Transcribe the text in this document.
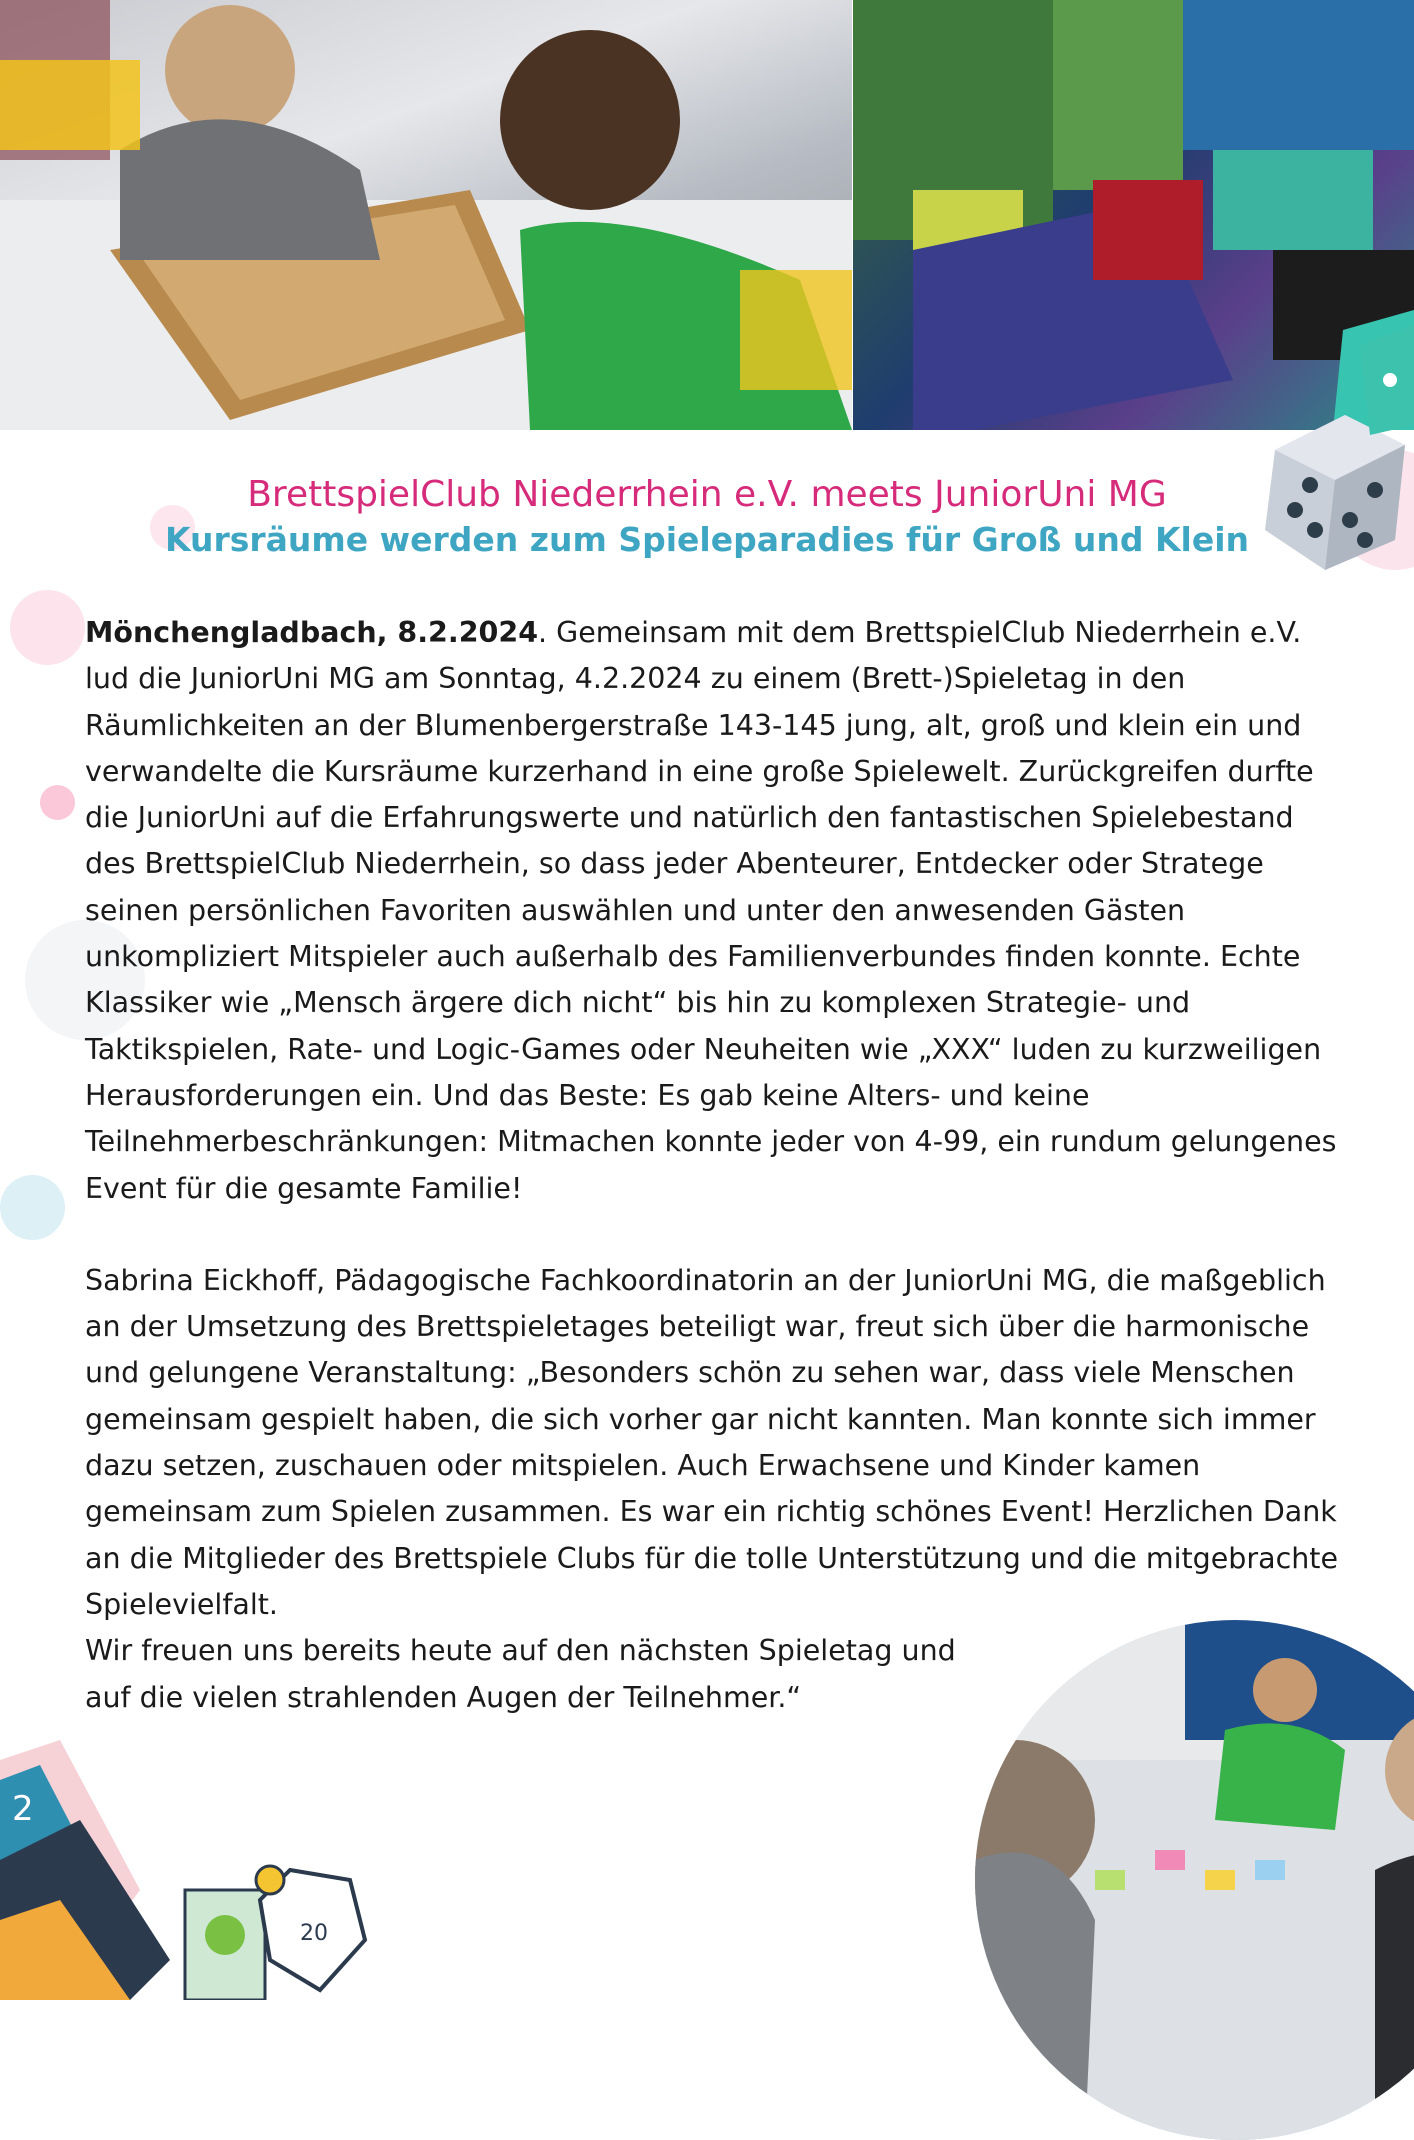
2
20
BrettspielClub Niederrhein e.V. meets JuniorUni MG
Kursräume werden zum Spieleparadies für Groß und Klein

Mönchengladbach, 8.2.2024. Gemeinsam mit dem BrettspielClub Niederrhein e.V. lud die JuniorUni MG am Sonntag, 4.2.2024 zu einem (Brett-)Spieletag in den Räumlichkeiten an der Blumenbergerstraße 143-145 jung, alt, groß und klein ein und verwandelte die Kursräume kurzerhand in eine große Spielewelt. Zurückgreifen durfte die JuniorUni auf die Erfahrungswerte und natürlich den fantastischen Spielebestand des BrettspielClub Niederrhein, so dass jeder Abenteurer, Entdecker oder Stratege seinen persönlichen Favoriten auswählen und unter den anwesenden Gästen unkompliziert Mitspieler auch außerhalb des Familienverbundes finden konnte. Echte Klassiker wie „Mensch ärgere dich nicht“ bis hin zu komplexen Strategie- und Taktikspielen, Rate- und Logic-Games oder Neuheiten wie „XXX“ luden zu kurzweiligen Herausforderungen ein. Und das Beste: Es gab keine Alters- und keine Teilnehmerbeschränkungen: Mitmachen konnte jeder von 4-99, ein rundum gelungenes Event für die gesamte Familie!

Sabrina Eickhoff, Pädagogische Fachkoordinatorin an der JuniorUni MG, die maßgeblich an der Umsetzung des Brettspieletages beteiligt war, freut sich über die harmonische und gelungene Veranstaltung: „Besonders schön zu sehen war, dass viele Menschen gemeinsam gespielt haben, die sich vorher gar nicht kannten. Man konnte sich immer dazu setzen, zuschauen oder mitspielen. Auch Erwachsene und Kinder kamen gemeinsam zum Spielen zusammen. Es war ein richtig schönes Event! Herzlichen Dank an die Mitglieder des Brettspiele Clubs für die tolle Unterstützung und die mitgebrachte Spielevielfalt.
Wir freuen uns bereits heute auf den nächsten Spieletag und
auf die vielen strahlenden Augen der Teilnehmer.“
